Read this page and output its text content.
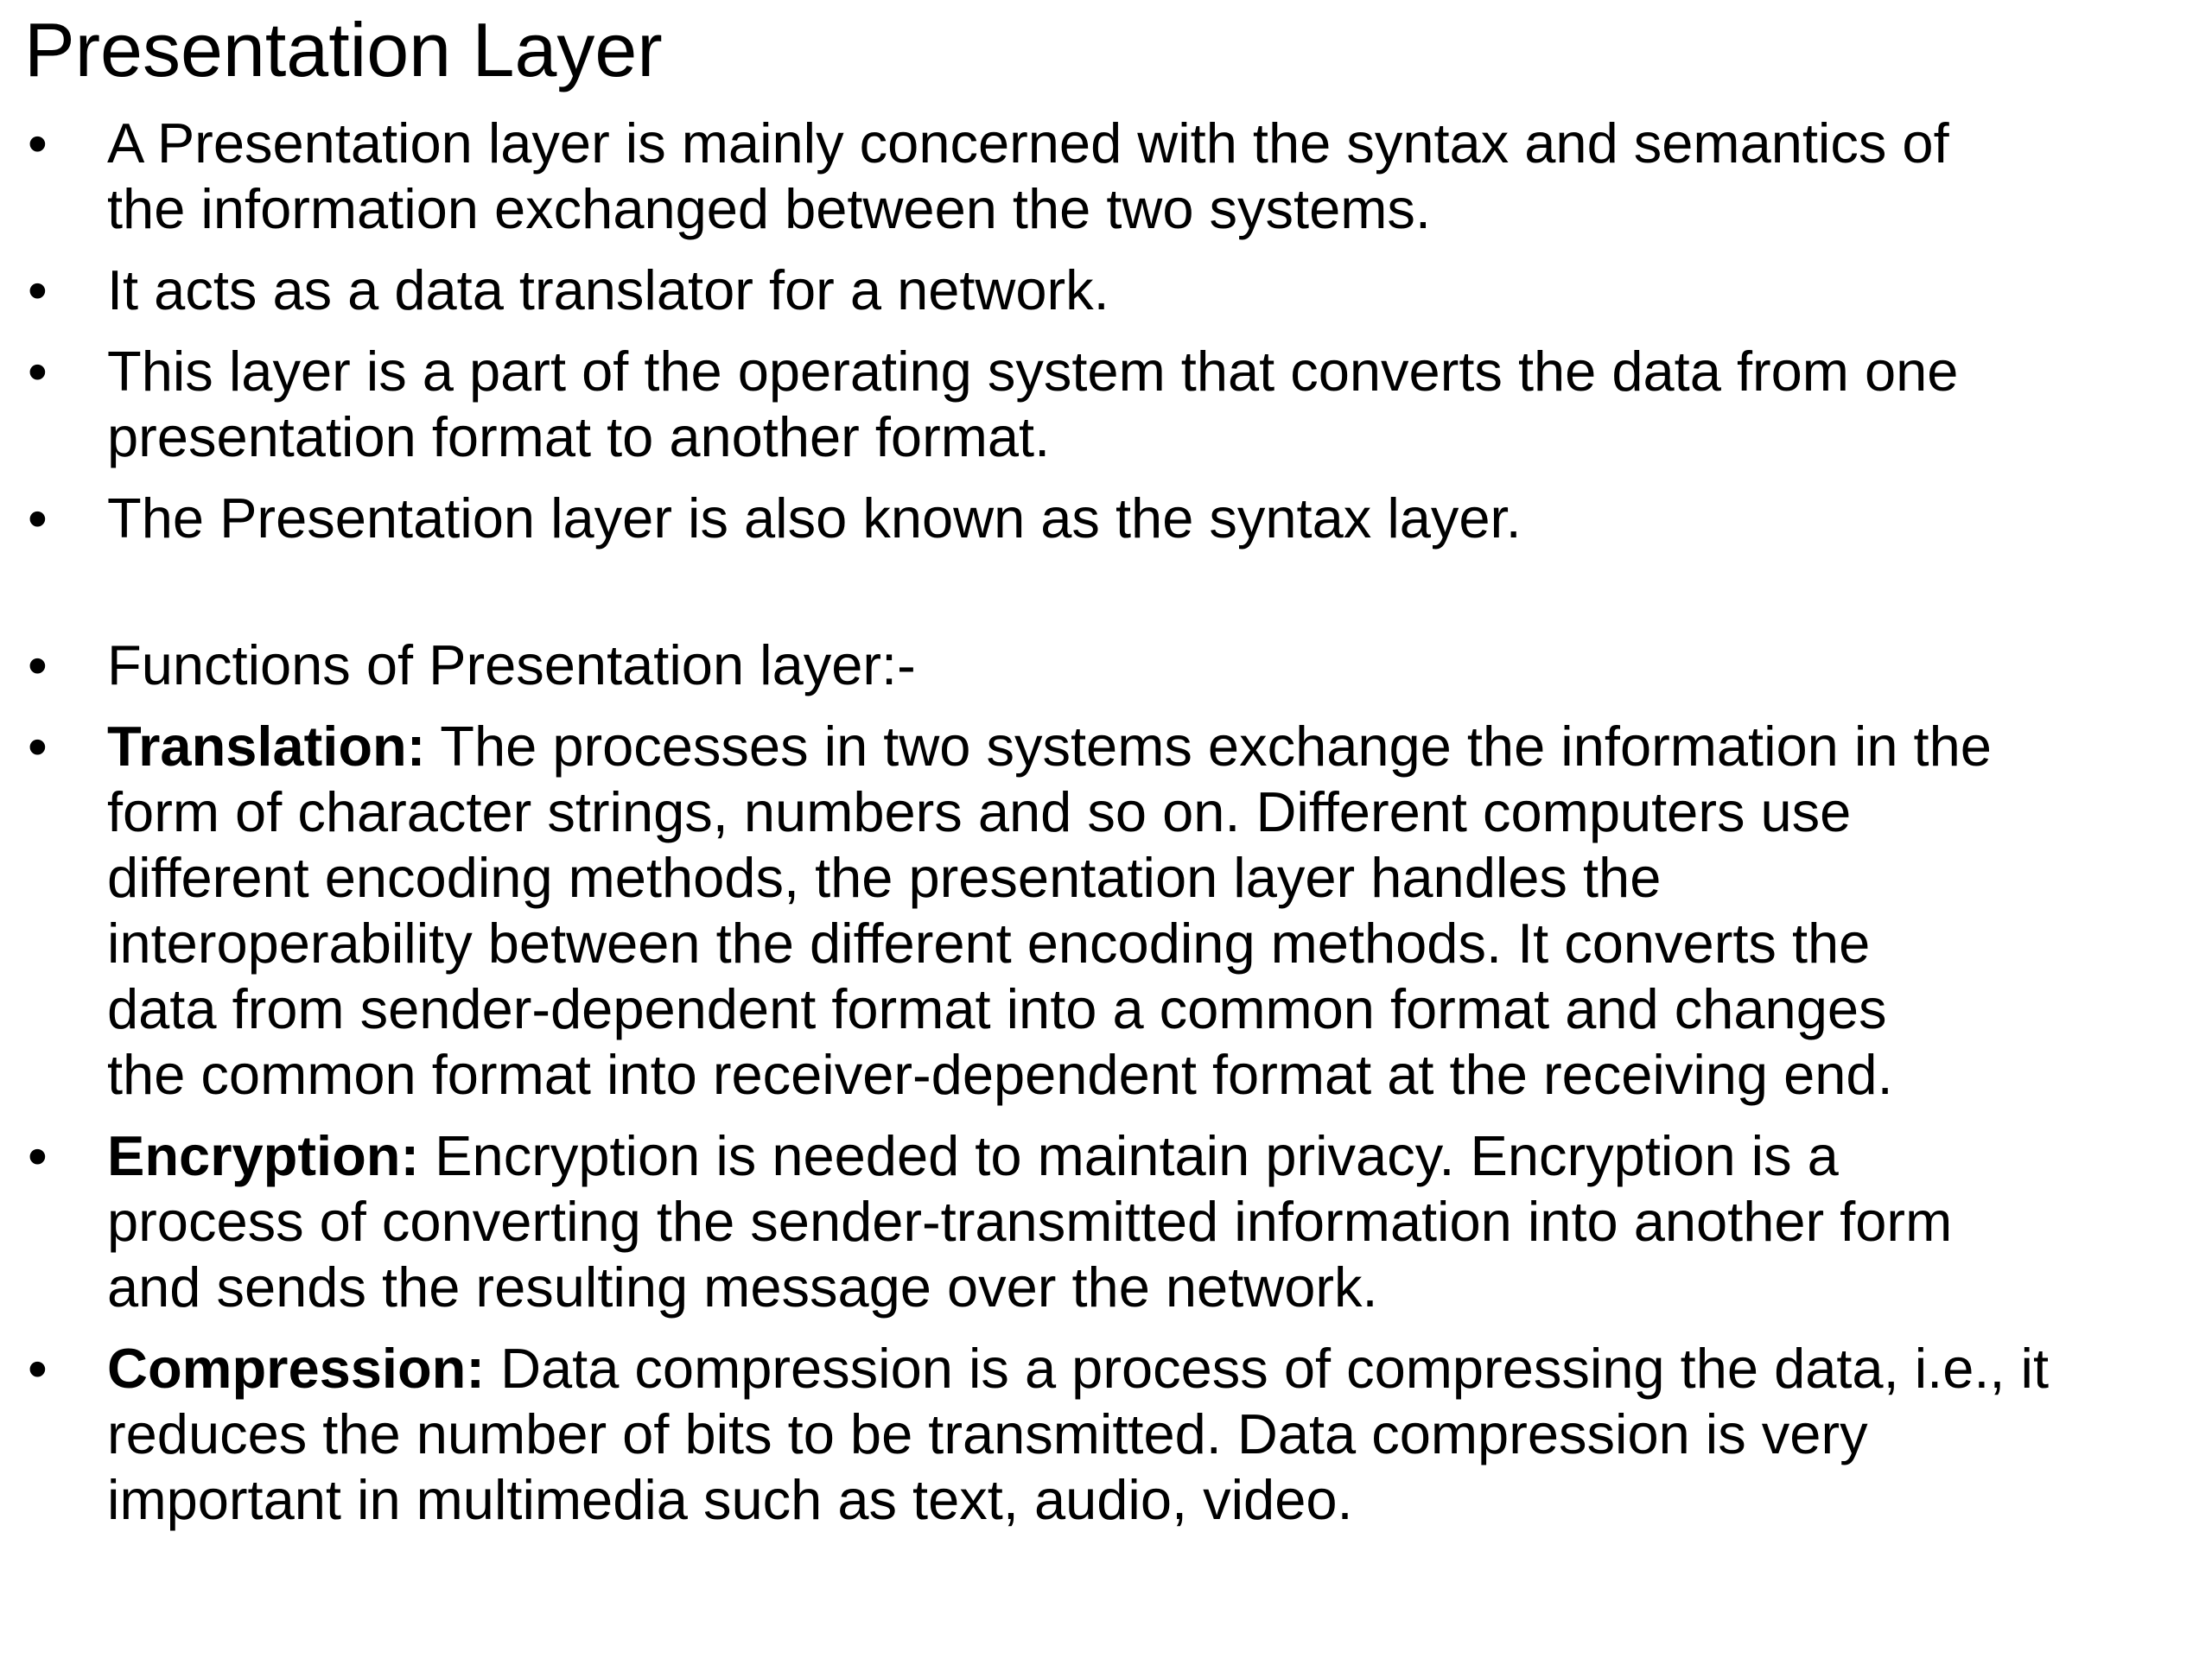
Presentation Layer
• A Presentation layer is mainly concerned with the syntax and semantics of
the information exchanged between the two systems.
• It acts as a data translator for a network.
• This layer is a part of the operating system that converts the data from one
presentation format to another format.
• The Presentation layer is also known as the syntax layer.
• Functions of Presentation layer:-
• Translation: The processes in two systems exchange the information in the
form of character strings, numbers and so on. Different computers use
different encoding methods, the presentation layer handles the
interoperability between the different encoding methods. It converts the
data from sender-dependent format into a common format and changes
the common format into receiver-dependent format at the receiving end.
• Encryption: Encryption is needed to maintain privacy. Encryption is a
process of converting the sender-transmitted information into another form
and sends the resulting message over the network.
• Compression: Data compression is a process of compressing the data, i.e., it
reduces the number of bits to be transmitted. Data compression is very
important in multimedia such as text, audio, video.
